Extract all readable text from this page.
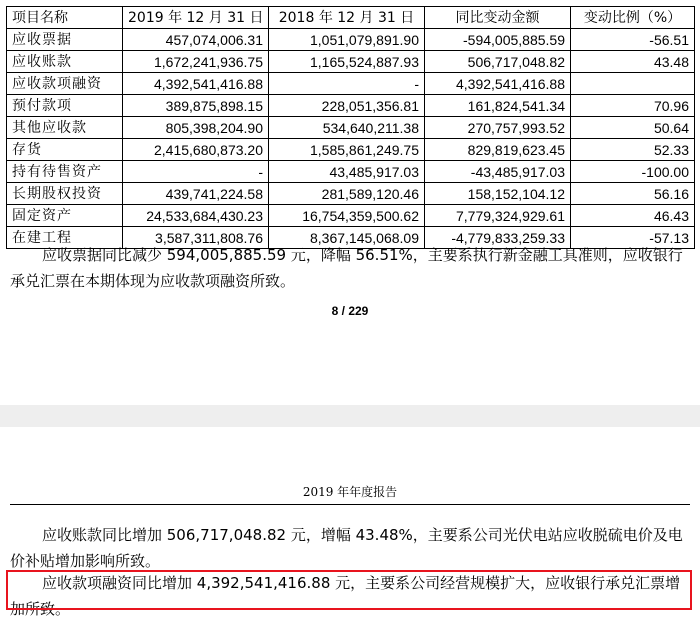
项目名称	2019 年 12 月 31 日	2018 年 12 月 31 日	同比变动金额	变动比例（%）
应收票据	457,074,006.31	1,051,079,891.90	-594,005,885.59	-56.51
应收账款	1,672,241,936.75	1,165,524,887.93	506,717,048.82	43.48
应收款项融资	4,392,541,416.88	-	4,392,541,416.88	
预付款项	389,875,898.15	228,051,356.81	161,824,541.34	70.96
其他应收款	805,398,204.90	534,640,211.38	270,757,993.52	50.64
存货	2,415,680,873.20	1,585,861,249.75	829,819,623.45	52.33
持有待售资产	-	43,485,917.03	-43,485,917.03	-100.00
长期股权投资	439,741,224.58	281,589,120.46	158,152,104.12	56.16
固定资产	24,533,684,430.23	16,754,359,500.62	7,779,324,929.61	46.43
在建工程	3,587,311,808.76	8,367,145,068.09	-4,779,833,259.33	-57.13
应收票据同比减少 594,005,885.59 元，降幅 56.51%，主要系执行新金融工具准则，应收银行承兑汇票在本期体现为应收款项融资所致。
8 / 229
2019 年年度报告
应收账款同比增加 506,717,048.82 元，增幅 43.48%，主要系公司光伏电站应收脱硫电价及电价补贴增加影响所致。
应收款项融资同比增加 4,392,541,416.88 元，主要系公司经营规模扩大，应收银行承兑汇票增加所致。
